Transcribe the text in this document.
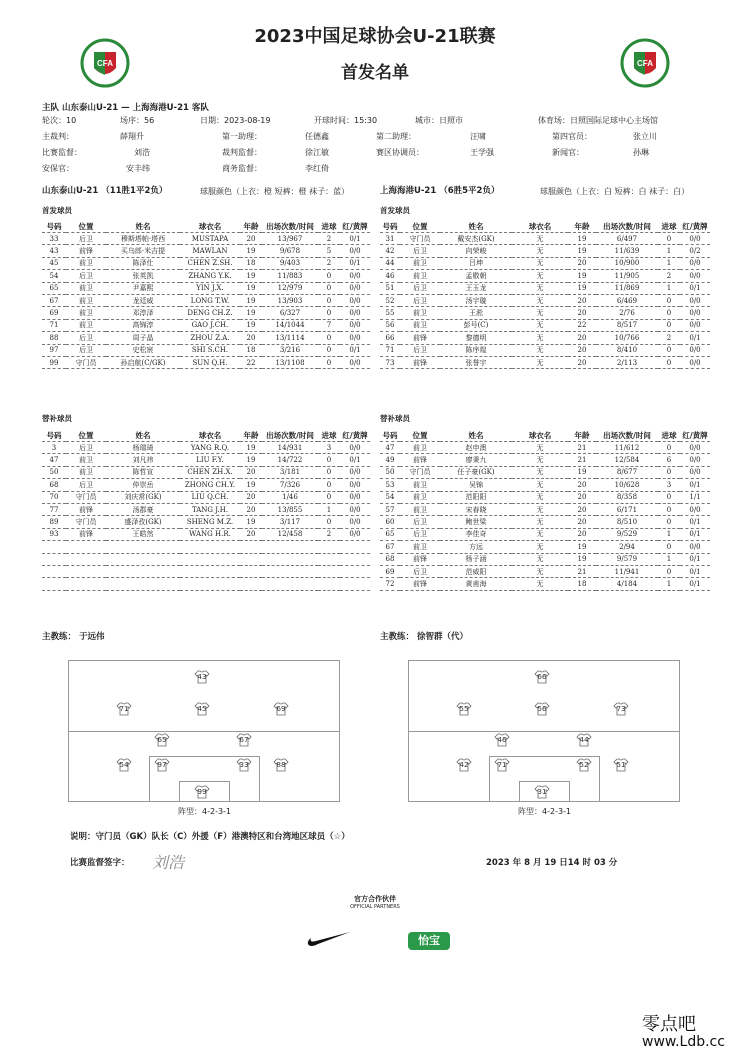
2023中国足球协会U-21联赛
首发名单
CFA	CFA
主队 山东泰山U-21 — 上海海港U-21 客队
轮次：10	场序：56	日期：2023-08-19	开球时间：15:30	城市：日照市	体育场：日照国际足球中心主场馆
主裁判：	薛翔升	第一助理：	任德鑫	第二助理：	汪啸	第四官员：	张立川
比赛监督：	刘浩	裁判监督：	徐江敏	赛区协调员：	王学强	新闻官：	孙琳
安保官：	安丰纬	商务监督：	李红倚
山东泰山U-21 （11胜1平2负）	球服颜色（上衣：橙 短裤：橙 袜子：蓝）	上海海港U-21 （6胜5平2负）	球服颜色（上衣：白 短裤：白 袜子：白）
首发球员	首发球员
号码	位置	姓名	球衣名	年龄	出场次数/时间	进球	红/黄牌
33	后卫	穆斯塔帕·塔西	MUSTAPA	20	13/967	2	0/1
43	前锋	买乌郎·米吉提	MAWLAN	19	9/678	5	0/0
45	前卫	陈泽仕	CHEN Z.SH.	18	9/403	2	0/1
54	后卫	张英凯	ZHANG Y.K.	19	11/883	0	0/0
65	前卫	尹嘉熙	YIN J.X.	19	12/979	0	0/0
67	前卫	龙廷威	LONG T.W.	19	13/903	0	0/0
69	前卫	邓淳泽	DENG CH.Z.	19	6/327	0	0/0
71	前卫	高锦淳	GAO J.CH.	19	14/1044	7	0/0
88	后卫	周子晶	ZHOU Z.A.	20	13/1114	0	0/0
97	后卫	史松宸	SHI S.CH.	18	3/216	0	0/1
99	守门员	孙启航(C/GK)	SUN Q.H.	22	13/1108	0	0/0
号码	位置	姓名	球衣名	年龄	出场次数/时间	进球	红/黄牌
31	守门员	戴安杰(GK)	无	19	6/497	0	0/0
42	后卫	向荣峻	无	19	11/639	1	0/2
44	前卫	吕坤	无	20	10/900	1	0/0
46	前卫	孟敬朝	无	19	11/905	2	0/0
51	后卫	王玉龙	无	19	11/869	1	0/1
52	后卫	汤宇璇	无	20	6/469	0	0/0
55	前卫	王淞	无	20	2/76	0	0/0
56	前卫	彭号(C)	无	22	8/517	0	0/0
66	前锋	黎德明	无	20	10/766	2	0/1
71	后卫	陈序煌	无	20	8/410	0	0/0
73	前锋	张誉宇	无	20	2/113	0	0/0
替补球员	替补球员
号码	位置	姓名	球衣名	年龄	出场次数/时间	进球	红/黄牌
3	后卫	杨瑞琦	YANG R.Q.	19	14/931	3	0/0
47	前卫	刘凡祎	LIU F.Y.	19	14/722	0	0/1
50	前卫	陈哲宣	CHEN ZH.X.	20	3/181	0	0/0
68	后卫	仲崇岳	ZHONG CH.Y.	19	7/326	0	0/0
70	守门员	刘庆常(GK)	LIU Q.CH.	20	1/46	0	0/0
77	前锋	汤郡豪	TANG J.H.	20	13/855	1	0/0
89	守门员	盛泽孜(GK)	SHENG M.Z.	19	3/117	0	0/0
93	前锋	王皓然	WANG H.R.	20	12/458	2	0/0

号码	位置	姓名	球衣名	年龄	出场次数/时间	进球	红/黄牌
47	前卫	赵申澳	无	21	11/612	0	0/0
49	前锋	廖秉九	无	21	12/584	6	0/0
50	守门员	任子豪(GK)	无	19	8/677	0	0/0
53	前卫	吴锦	无	20	10/628	3	0/1
54	前卫	范阳阳	无	20	8/358	0	1/1
57	前卫	宋春晓	无	20	6/171	0	0/0
60	后卫	鲍世梁	无	20	8/510	0	0/1
65	后卫	李佳奇	无	20	9/529	1	0/1
67	前卫	方远	无	19	2/94	0	0/0
68	前锋	杨子涵	无	19	9/579	1	0/1
69	后卫	范威阳	无	21	11/941	0	0/1
72	前锋	黄甫海	无	18	4/184	1	0/1
主教练： 于远伟	主教练： 徐智群（代）
43
71	45	69
65	67
54	97	33	88
99
66
55	56	73
46	44
42	71	52	51
31
阵型：4-2-3-1	阵型：4-2-3-1
说明：守门员（GK）队长（C）外援（F）港澳特区和台湾地区球员（☆）
比赛监督签字： 刘浩	2023 年 8 月 19 日14 时 03 分
官方合作伙伴
OFFICIAL PARTNERS
怡宝
零点吧
www.Ldb.cc
